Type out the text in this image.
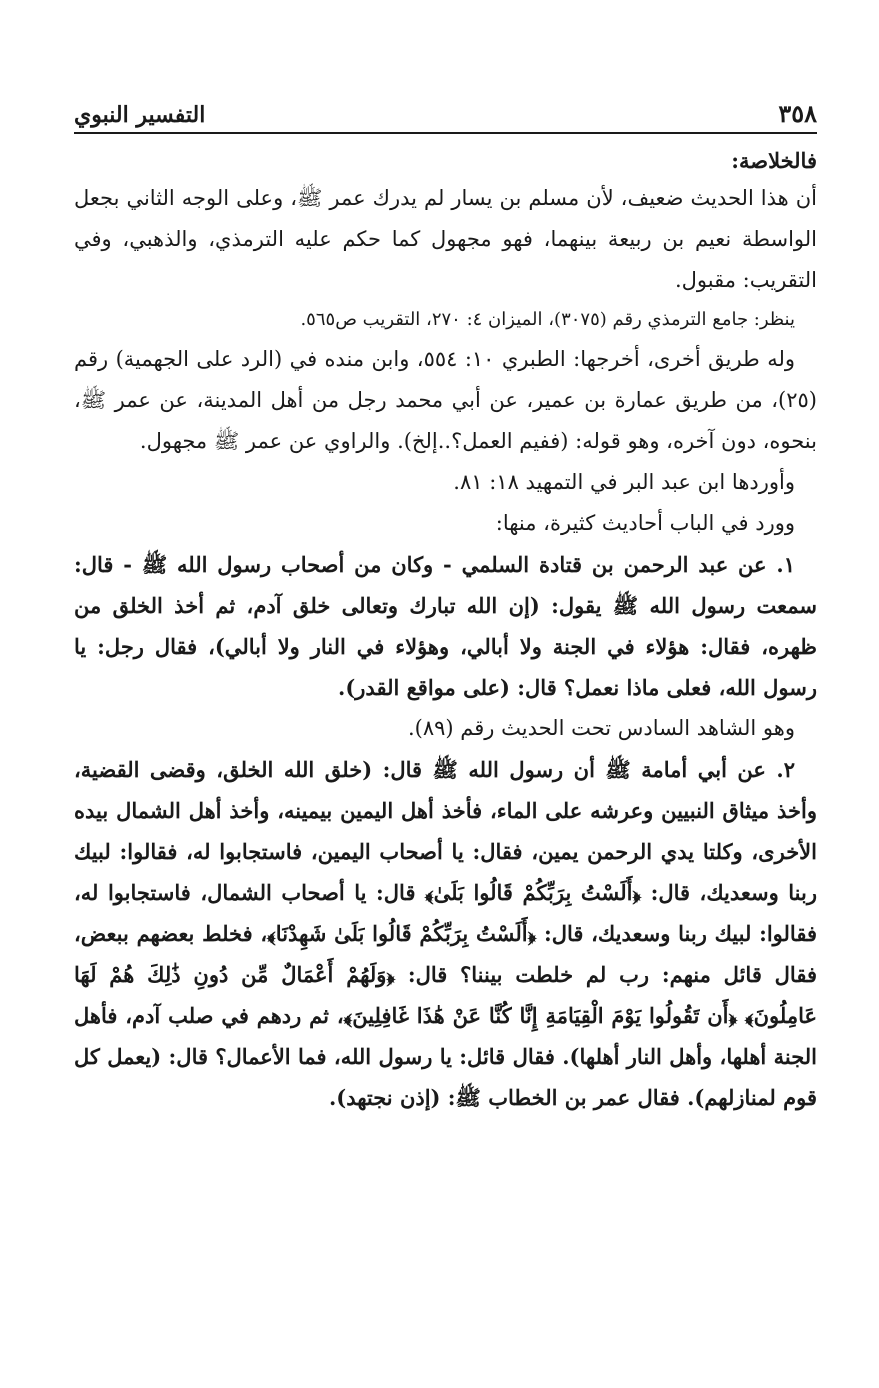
٣٥٨
التفسير النبوي
فالخلاصة:

أن هذا الحديث ضعيف، لأن مسلم بن يسار لم يدرك عمر ﷺ، وعلى الوجه الثاني بجعل الواسطة نعيم بن ربيعة بينهما، فهو مجهول كما حكم عليه الترمذي، والذهبي، وفي التقريب: مقبول.

ينظر: جامع الترمذي رقم (٣٠٧٥)، الميزان ٤: ٢٧٠، التقريب ص٥٦٥.

وله طريق أخرى، أخرجها: الطبري ١٠: ٥٥٤، وابن منده في (الرد على الجهمية) رقم (٢٥)، من طريق عمارة بن عمير، عن أبي محمد رجل من أهل المدينة، عن عمر ﷺ، بنحوه، دون آخره، وهو قوله: (ففيم العمل؟..إلخ). والراوي عن عمر ﷺ مجهول.

وأوردها ابن عبد البر في التمهيد ١٨: ٨١.

وورد في الباب أحاديث كثيرة، منها:

١. عن عبد الرحمن بن قتادة السلمي - وكان من أصحاب رسول الله ﷺ - قال: سمعت رسول الله ﷺ يقول: (إن الله تبارك وتعالى خلق آدم، ثم أخذ الخلق من ظهره، فقال: هؤلاء في الجنة ولا أبالي، وهؤلاء في النار ولا أبالي)، فقال رجل: يا رسول الله، فعلى ماذا نعمل؟ قال: (على مواقع القدر).

وهو الشاهد السادس تحت الحديث رقم (٨٩).

٢. عن أبي أمامة ﷺ أن رسول الله ﷺ قال: (خلق الله الخلق، وقضى القضية، وأخذ ميثاق النبيين وعرشه على الماء، فأخذ أهل اليمين بيمينه، وأخذ أهل الشمال بيده الأخرى، وكلتا يدي الرحمن يمين، فقال: يا أصحاب اليمين، فاستجابوا له، فقالوا: لبيك ربنا وسعديك، قال: ﴿أَلَسْتُ بِرَبِّكُمْ قَالُوا بَلَىٰ﴾ قال: يا أصحاب الشمال، فاستجابوا له، فقالوا: لبيك ربنا وسعديك، قال: ﴿أَلَسْتُ بِرَبِّكُمْ قَالُوا بَلَىٰ شَهِدْنَا﴾، فخلط بعضهم ببعض، فقال قائل منهم: رب لم خلطت بيننا؟ قال: ﴿وَلَهُمْ أَعْمَالٌ مِّن دُونِ ذَٰلِكَ هُمْ لَهَا عَامِلُونَ﴾ ﴿أَن تَقُولُوا يَوْمَ الْقِيَامَةِ إِنَّا كُنَّا عَنْ هَٰذَا غَافِلِينَ﴾، ثم ردهم في صلب آدم، فأهل الجنة أهلها، وأهل النار أهلها). فقال قائل: يا رسول الله، فما الأعمال؟ قال: (يعمل كل قوم لمنازلهم). فقال عمر بن الخطاب ﷺ: (إذن نجتهد).
